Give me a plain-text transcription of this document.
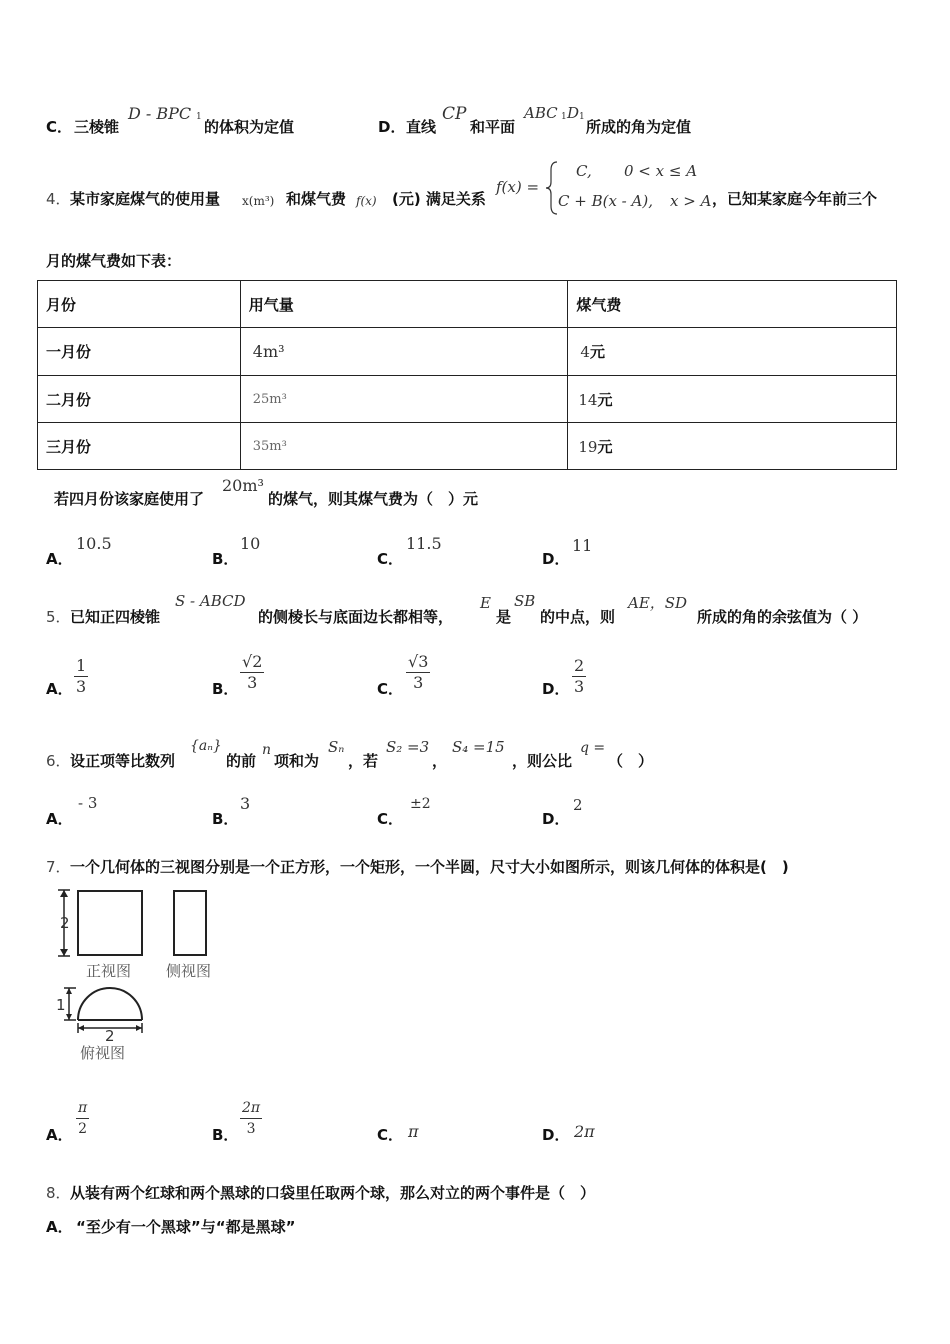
C． 三棱锥
D - BPC 1
的体积为定值	D． 直线
CP
和平面
ABC 1 D 1
所成的角为定值
4． 某市家庭煤气的使用量 x(m³) 和煤气费 f(x) (元) 满足关系
f(x) =
C, 0 < x ≤ A
C + B(x - A), x > A ，已知某家庭今年前三个
月的煤气费如下表：
月份	用气量	煤气费
一月份	4m³	4元
二月份	25m³	14元
三月份	35m³	19元
若四月份该家庭使用了
20m³
的煤气，则其煤气费为（　）元
A．
10.5
B．
10
C．
11.5
D．
11
5． 已知正四棱锥
S - ABCD
的侧棱长与底面边长都相等，
E
是
SB
的中点，则
AE，SD
所成的角的余弦值为（ ）
A．
1
3	B．
√2
3	C．
√3
3	D．
2
3
6． 设正项等比数列
{aₙ}
的前
n
项和为
Sₙ
，若
S₂ =3
，
S₄ =15
，则公比
q =
（　）
A．
- 3
B．
3
C．
±2
D．
2
7． 一个几何体的三视图分别是一个正方形，一个矩形，一个半圆，尺寸大小如图所示，则该几何体的体积是(　)
2
正视图 侧视图
1
2
俯视图
A．
π
2	B．
2π
3	C． π	D． 2π
8． 从装有两个红球和两个黑球的口袋里任取两个球，那么对立的两个事件是（　）
A． “至少有一个黑球”与“都是黑球”
